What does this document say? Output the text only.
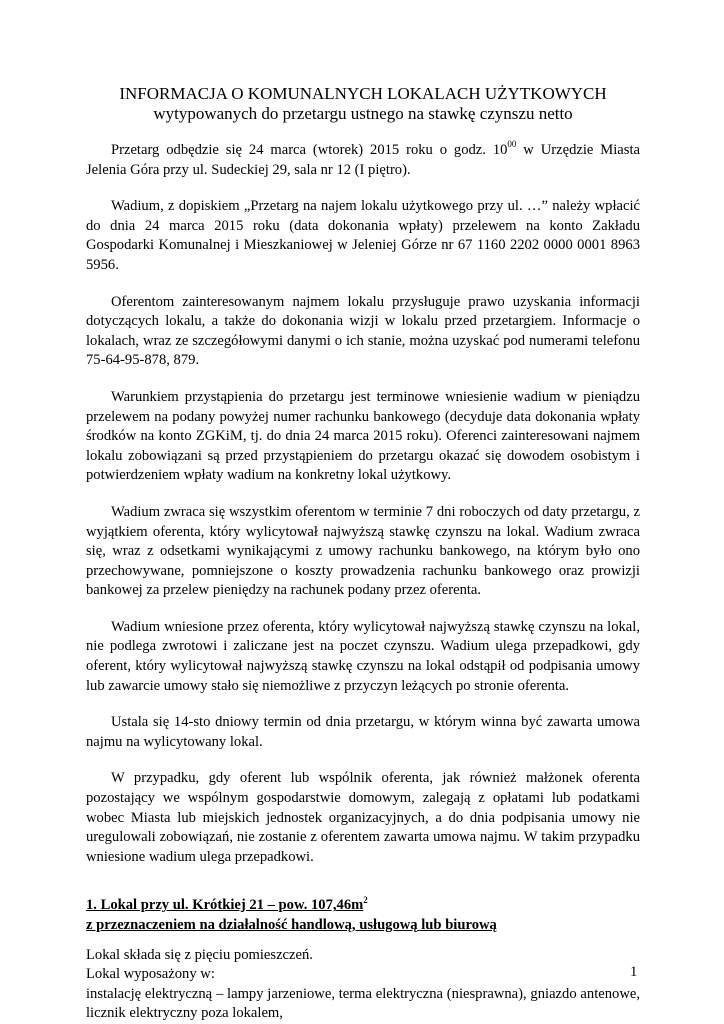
INFORMACJA O KOMUNALNYCH LOKALACH UŻYTKOWYCH

wytypowanych do przetargu ustnego na stawkę czynszu netto

Przetarg odbędzie się 24 marca (wtorek) 2015 roku o godz. $10^{00}$ w Urzędzie Miasta Jelenia Góra przy ul. Sudeckiej 29, sala nr 12 (I piętro).

Wadium, z dopiskiem „Przetarg na najem lokalu użytkowego przy ul. …” należy wpłacić do dnia 24 marca 2015 roku (data dokonania wpłaty) przelewem na konto Zakładu Gospodarki Komunalnej i Mieszkaniowej w Jeleniej Górze nr 67 1160 2202 0000 0001 8963 5956.

Oferentom zainteresowanym najmem lokalu przysługuje prawo uzyskania informacji dotyczących lokalu, a także do dokonania wizji w lokalu przed przetargiem. Informacje o lokalach, wraz ze szczegółowymi danymi o ich stanie, można uzyskać pod numerami telefonu 75-64-95-878, 879.

Warunkiem przystąpienia do przetargu jest terminowe wniesienie wadium w pieniądzu przelewem na podany powyżej numer rachunku bankowego (decyduje data dokonania wpłaty środków na konto ZGKiM, tj. do dnia 24 marca 2015 roku). Oferenci zainteresowani najmem lokalu zobowiązani są przed przystąpieniem do przetargu okazać się dowodem osobistym i potwierdzeniem wpłaty wadium na konkretny lokal użytkowy.

Wadium zwraca się wszystkim oferentom w terminie 7 dni roboczych od daty przetargu, z wyjątkiem oferenta, który wylicytował najwyższą stawkę czynszu na lokal. Wadium zwraca się, wraz z odsetkami wynikającymi z umowy rachunku bankowego, na którym było ono przechowywane, pomniejszone o koszty prowadzenia rachunku bankowego oraz prowizji bankowej za przelew pieniędzy na rachunek podany przez oferenta.

Wadium wniesione przez oferenta, który wylicytował najwyższą stawkę czynszu na lokal, nie podlega zwrotowi i zaliczane jest na poczet czynszu. Wadium ulega przepadkowi, gdy oferent, który wylicytował najwyższą stawkę czynszu na lokal odstąpił od podpisania umowy lub zawarcie umowy stało się niemożliwe z przyczyn leżących po stronie oferenta.

Ustala się 14-sto dniowy termin od dnia przetargu, w którym winna być zawarta umowa najmu na wylicytowany lokal.

W przypadku, gdy oferent lub wspólnik oferenta, jak również małżonek oferenta pozostający we wspólnym gospodarstwie domowym, zalegają z opłatami lub podatkami wobec Miasta lub miejskich jednostek organizacyjnych, a do dnia podpisania umowy nie uregulowali zobowiązań, nie zostanie z oferentem zawarta umowa najmu. W takim przypadku wniesione wadium ulega przepadkowi.

1. Lokal przy ul. Krótkiej 21 – pow. $107,46m^2$

z przeznaczeniem na działalność handlową, usługową lub biurową

Lokal składa się z pięciu pomieszczeń.

Lokal wyposażony w:

instalację elektryczną – lampy jarzeniowe, terma elektryczna (niesprawna), gniazdo antenowe, licznik elektryczny poza lokalem,

1
